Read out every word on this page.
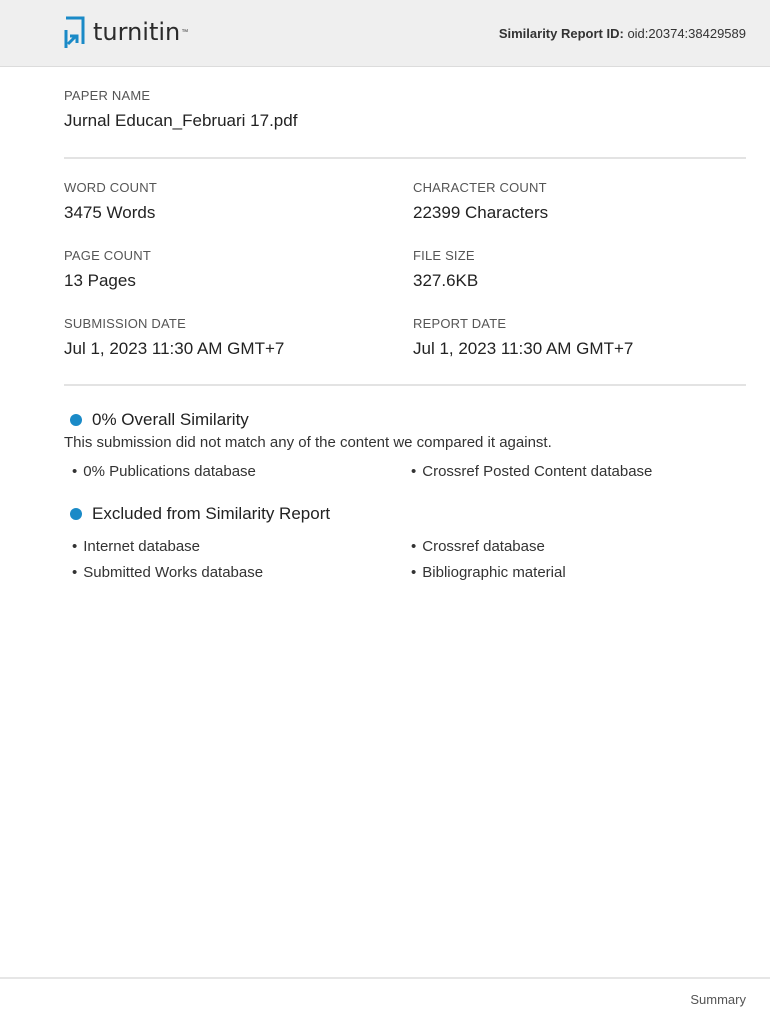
turnitin ™	Similarity Report ID: oid:20374:38429589
PAPER NAME
Jurnal Educan_Februari 17.pdf
WORD COUNT
3475 Words
CHARACTER COUNT
22399 Characters
PAGE COUNT
13 Pages
FILE SIZE
327.6KB
SUBMISSION DATE
Jul 1, 2023 11:30 AM GMT+7
REPORT DATE
Jul 1, 2023 11:30 AM GMT+7
0% Overall Similarity
This submission did not match any of the content we compared it against.
• 0% Publications database	• Crossref Posted Content database
Excluded from Similarity Report
• Internet database	• Crossref database
• Submitted Works database	• Bibliographic material
Summary
